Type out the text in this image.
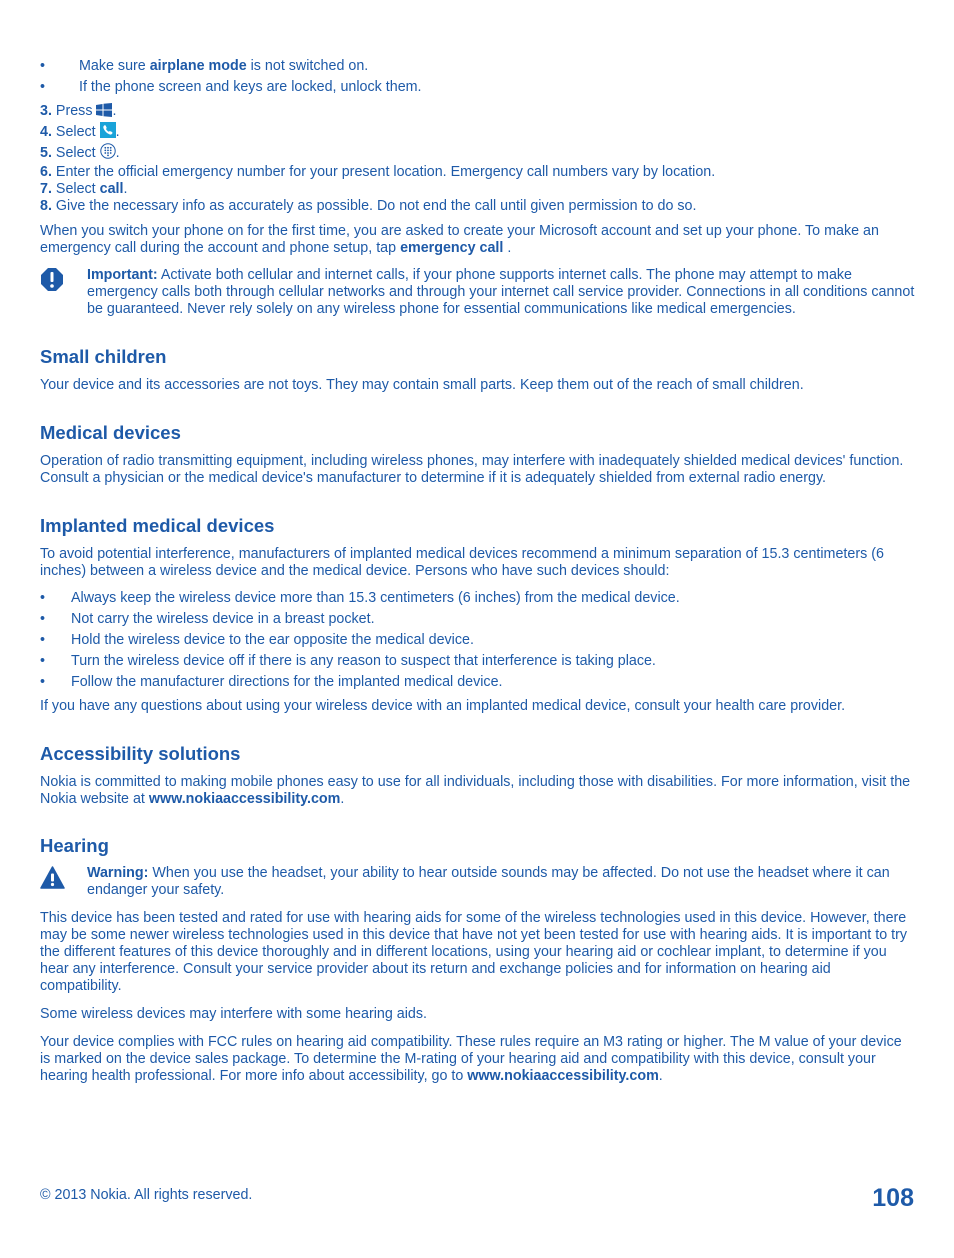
• Make sure airplane mode is not switched on.
• If the phone screen and keys are locked, unlock them.
3. Press .
4. Select .
5. Select .
6. Enter the official emergency number for your present location. Emergency call numbers vary by location.
7. Select call.
8. Give the necessary info as accurately as possible. Do not end the call until given permission to do so.

When you switch your phone on for the first time, you are asked to create your Microsoft account and set up your phone. To make an emergency call during the account and phone setup, tap emergency call .

Important: Activate both cellular and internet calls, if your phone supports internet calls. The phone may attempt to make emergency calls both through cellular networks and through your internet call service provider. Connections in all conditions cannot be guaranteed. Never rely solely on any wireless phone for essential communications like medical emergencies.

Small children

Your device and its accessories are not toys. They may contain small parts. Keep them out of the reach of small children.

Medical devices

Operation of radio transmitting equipment, including wireless phones, may interfere with inadequately shielded medical devices' function. Consult a physician or the medical device's manufacturer to determine if it is adequately shielded from external radio energy.

Implanted medical devices

To avoid potential interference, manufacturers of implanted medical devices recommend a minimum separation of 15.3 centimeters (6 inches) between a wireless device and the medical device. Persons who have such devices should:

• Always keep the wireless device more than 15.3 centimeters (6 inches) from the medical device.
• Not carry the wireless device in a breast pocket.
• Hold the wireless device to the ear opposite the medical device.
• Turn the wireless device off if there is any reason to suspect that interference is taking place.
• Follow the manufacturer directions for the implanted medical device.

If you have any questions about using your wireless device with an implanted medical device, consult your health care provider.

Accessibility solutions

Nokia is committed to making mobile phones easy to use for all individuals, including those with disabilities. For more information, visit the Nokia website at www.nokiaaccessibility.com.

Hearing

Warning: When you use the headset, your ability to hear outside sounds may be affected. Do not use the headset where it can endanger your safety.

This device has been tested and rated for use with hearing aids for some of the wireless technologies used in this device. However, there may be some newer wireless technologies used in this device that have not yet been tested for use with hearing aids. It is important to try the different features of this device thoroughly and in different locations, using your hearing aid or cochlear implant, to determine if you hear any interference. Consult your service provider about its return and exchange policies and for information on hearing aid compatibility.

Some wireless devices may interfere with some hearing aids.

Your device complies with FCC rules on hearing aid compatibility. These rules require an M3 rating or higher. The M value of your device is marked on the device sales package. To determine the M-rating of your hearing aid and compatibility with this device, consult your hearing health professional. For more info about accessibility, go to www.nokiaaccessibility.com.

© 2013 Nokia. All rights reserved.	108
